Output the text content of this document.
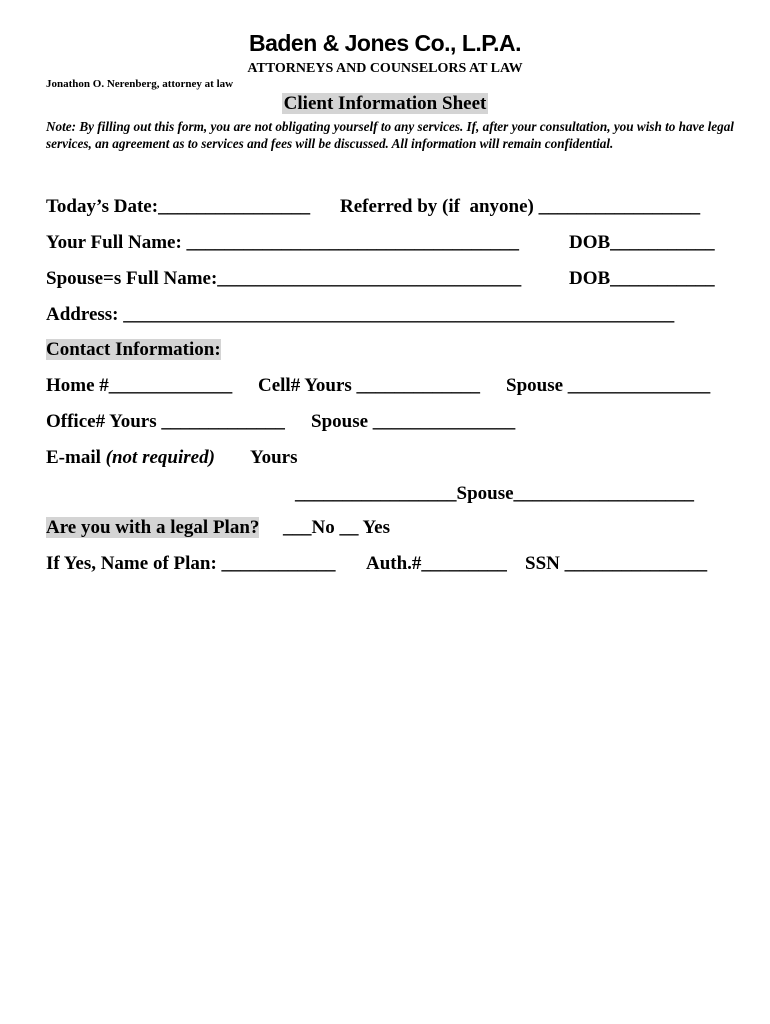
Baden & Jones Co., L.P.A.
ATTORNEYS AND COUNSELORS AT LAW
Jonathon O. Nerenberg, attorney at law
Client Information Sheet
Note: By filling out this form, you are not obligating yourself to any services. If, after your consultation, you wish to have legal services, an agreement as to services and fees will be discussed. All information will remain confidential.
Today’s Date:________________ Referred by (if  anyone) _________________
Your Full Name: ___________________________________	DOB___________
Spouse=s Full Name:________________________________	DOB___________
Address: __________________________________________________________
Contact Information:
Home #_____________ Cell# Yours _____________ Spouse _______________
Office# Yours _____________ Spouse _______________
E-mail (not required) Yours
_________________Spouse___________________
Are you with a legal Plan? ___No __ Yes
If Yes, Name of Plan: ____________ Auth.#_________ SSN _______________
